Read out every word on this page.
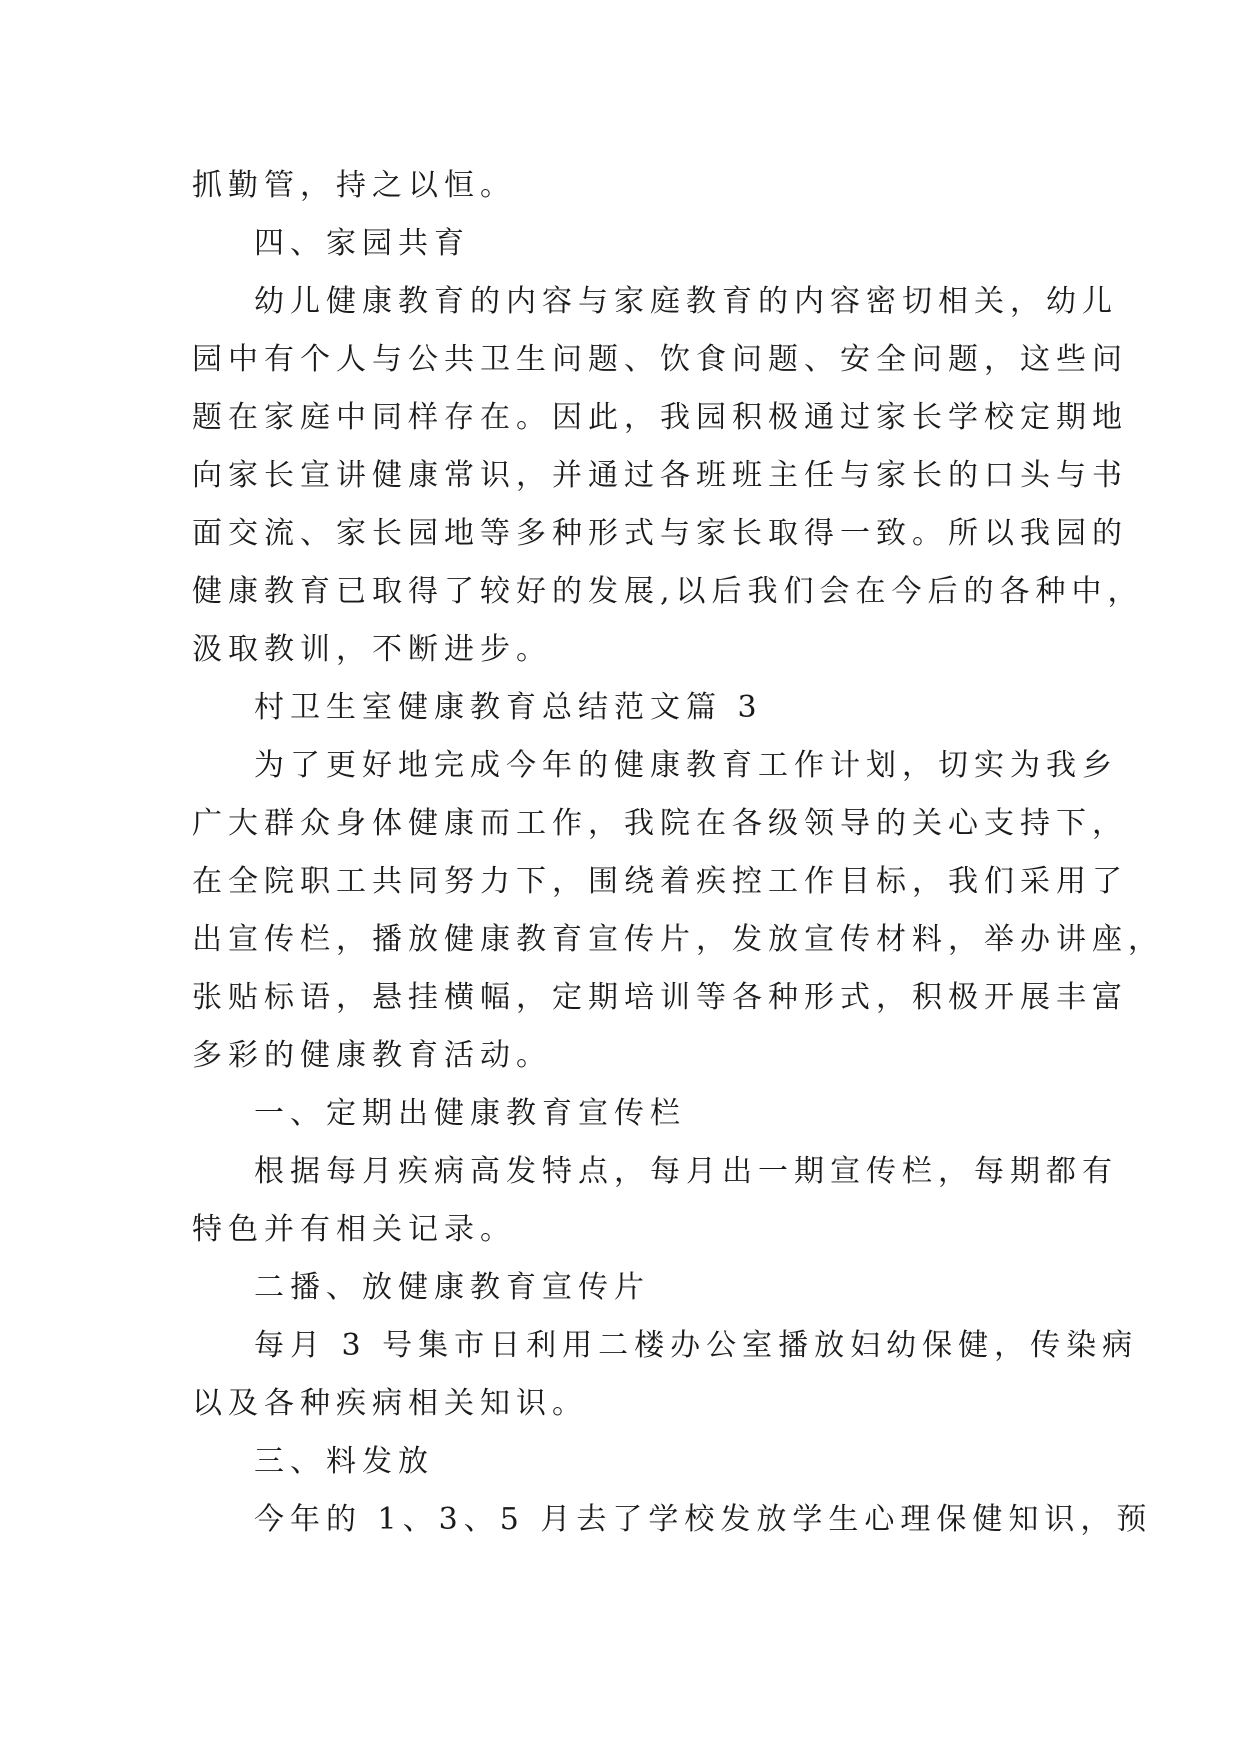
抓勤管，持之以恒。
四、家园共育
幼儿健康教育的内容与家庭教育的内容密切相关，幼儿
园中有个人与公共卫生问题、饮食问题、安全问题，这些问
题在家庭中同样存在。因此，我园积极通过家长学校定期地
向家长宣讲健康常识，并通过各班班主任与家长的口头与书
面交流、家长园地等多种形式与家长取得一致。所以我园的
健康教育已取得了较好的发展,以后我们会在今后的各种中，
汲取教训，不断进步。
村卫生室健康教育总结范文篇 3
为了更好地完成今年的健康教育工作计划，切实为我乡
广大群众身体健康而工作，我院在各级领导的关心支持下，
在全院职工共同努力下，围绕着疾控工作目标，我们采用了
出宣传栏，播放健康教育宣传片，发放宣传材料，举办讲座，
张贴标语，悬挂横幅，定期培训等各种形式，积极开展丰富
多彩的健康教育活动。
一、定期出健康教育宣传栏
根据每月疾病高发特点，每月出一期宣传栏，每期都有
特色并有相关记录。
二播、放健康教育宣传片
每月 3 号集市日利用二楼办公室播放妇幼保健，传染病
以及各种疾病相关知识。
三、料发放
今年的 1、3、5 月去了学校发放学生心理保健知识，预
